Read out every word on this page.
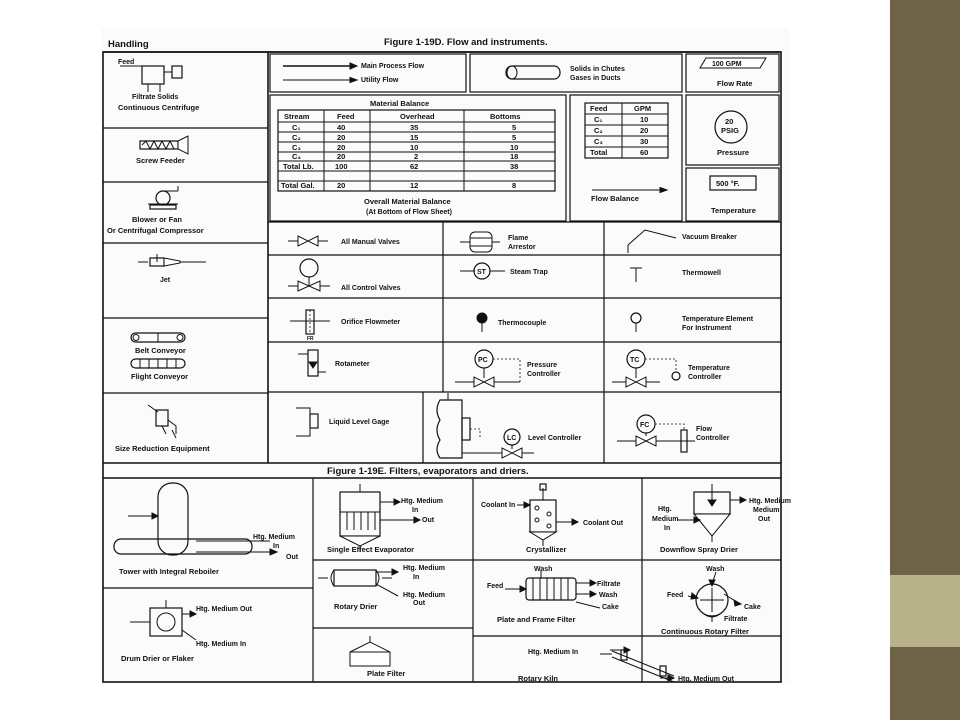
Handling	Figure 1-19D. Flow and instruments.
Figure 1-19E. Filters, evaporators and driers.
Feed
Filtrate Solids
Continuous Centrifuge
Screw Feeder
Blower or Fan
Or Centrifugal Compressor
Jet
Belt Conveyor
Flight Conveyor
Size Reduction Equipment
Main Process Flow
Utility Flow
Solids in Chutes
Gases in Ducts
100 GPM
Flow Rate
Material Balance
Stream	Feed	Overhead	Bottoms
C₁	40	35	5
C₂	20	15	5
C₃	20	10	10
C₄	20	2	18
Total Lb.	100	62	38
Total Gal.	20	12	8
Overall Material Balance
(At Bottom of Flow Sheet)
Feed	GPM
C₁	10
C₂	20
C₃	30
Total	60
Flow Balance
20
PSIG
Pressure
500 °F.
Temperature
All Manual Valves
Flame
Arrestor
Vacuum Breaker
All Control Valves
ST	Steam Trap	Thermowell
FR
Orifice Flowmeter	Thermocouple
Temperature Element
For Instrument
Rotameter
PC
Pressure
Controller
TC
Temperature
Controller
Liquid Level Gage
LC Level Controller
FC
Flow
Controller
Htg. Medium
In
Out
Tower with Integral Reboiler
Htg. Medium
In
Out
Single Effect Evaporator
Coolant In
Coolant Out
Crystallizer
Htg. Medium
Medium
Out
Htg.
Medium
In
Downflow Spray Drier
Htg. Medium
In
Htg. Medium
Out
Rotary Drier
Wash
Feed	Filtrate
Wash
Cake
Plate and Frame Filter
Wash
Feed
Cake
Filtrate
Continuous Rotary Filter
Htg. Medium Out
Htg. Medium In
Drum Drier or Flaker
Plate Filter
Htg. Medium In
Htg. Medium Out
Rotary Kiln
